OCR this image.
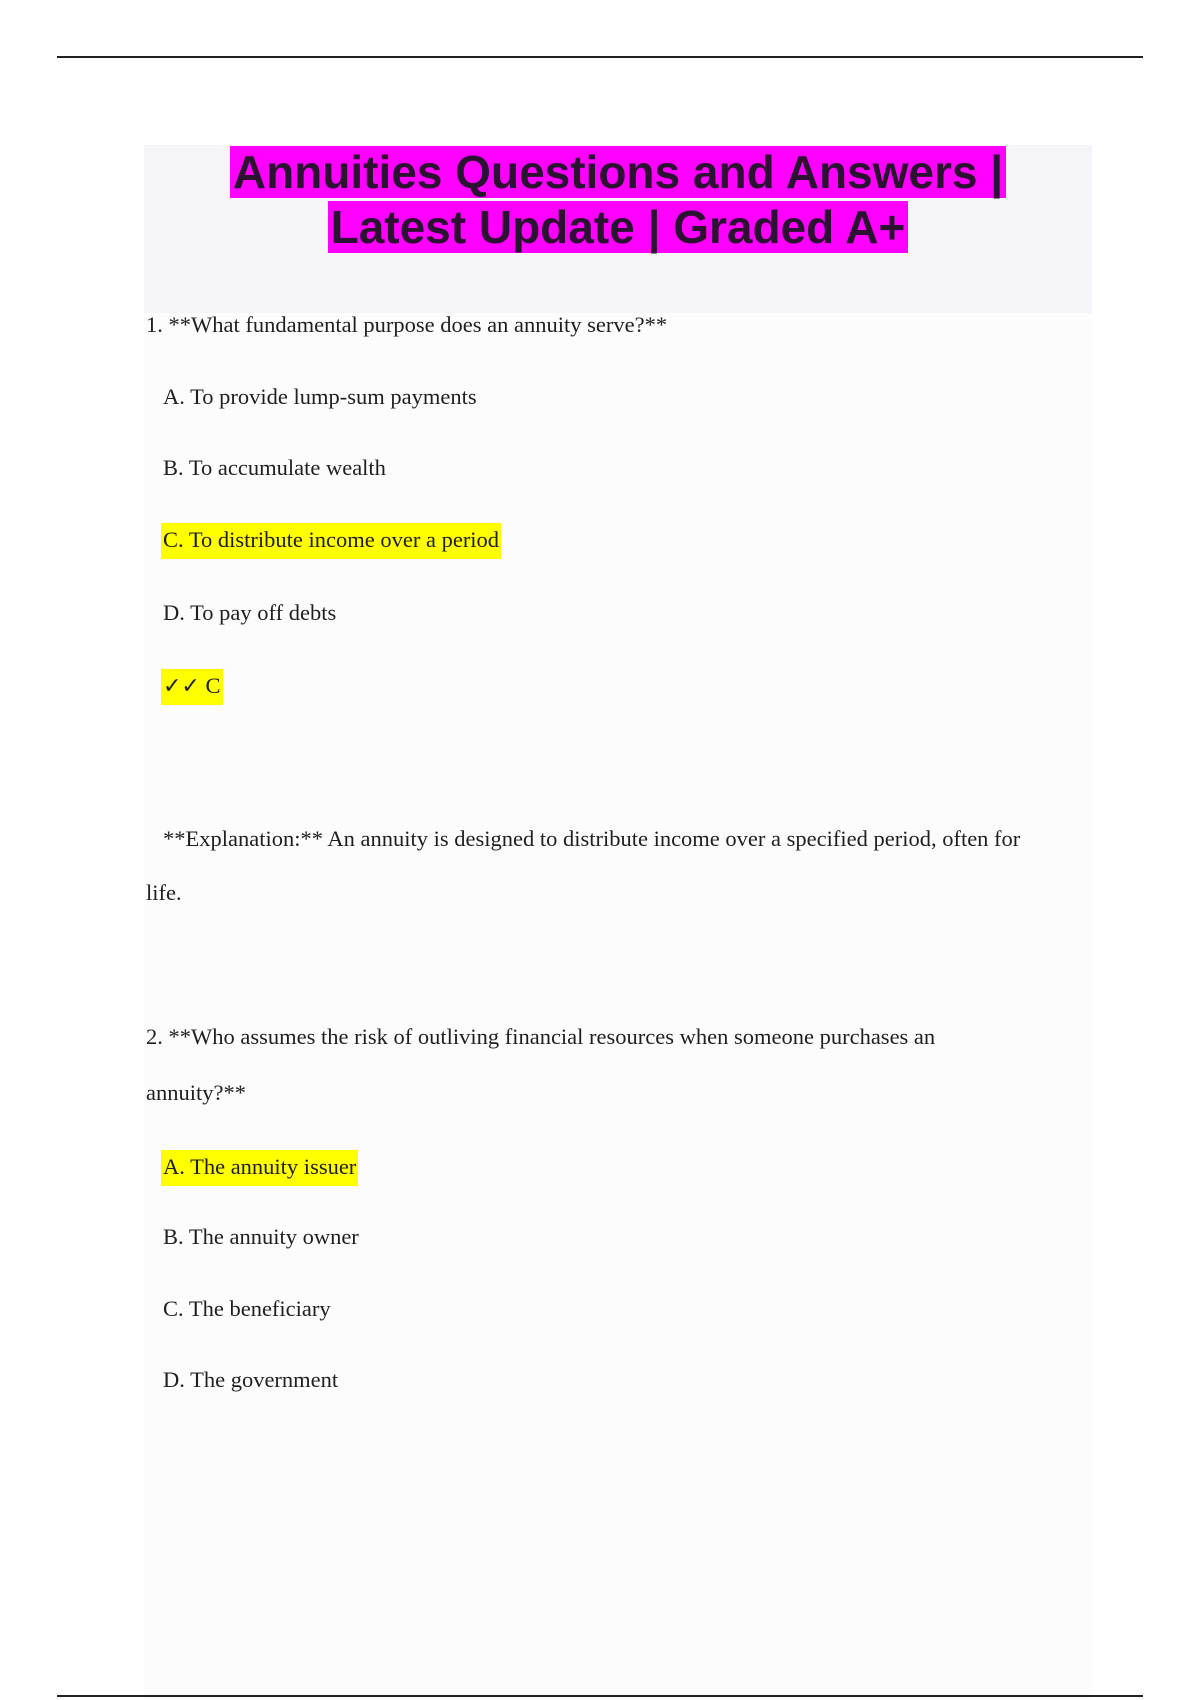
Annuities Questions and Answers |
Latest Update | Graded A+
1. **What fundamental purpose does an annuity serve?**
A. To provide lump-sum payments
B. To accumulate wealth
C. To distribute income over a period
D. To pay off debts
✓✓ C
**Explanation:** An annuity is designed to distribute income over a specified period, often for
life.
2. **Who assumes the risk of outliving financial resources when someone purchases an
annuity?**
A. The annuity issuer
B. The annuity owner
C. The beneficiary
D. The government
